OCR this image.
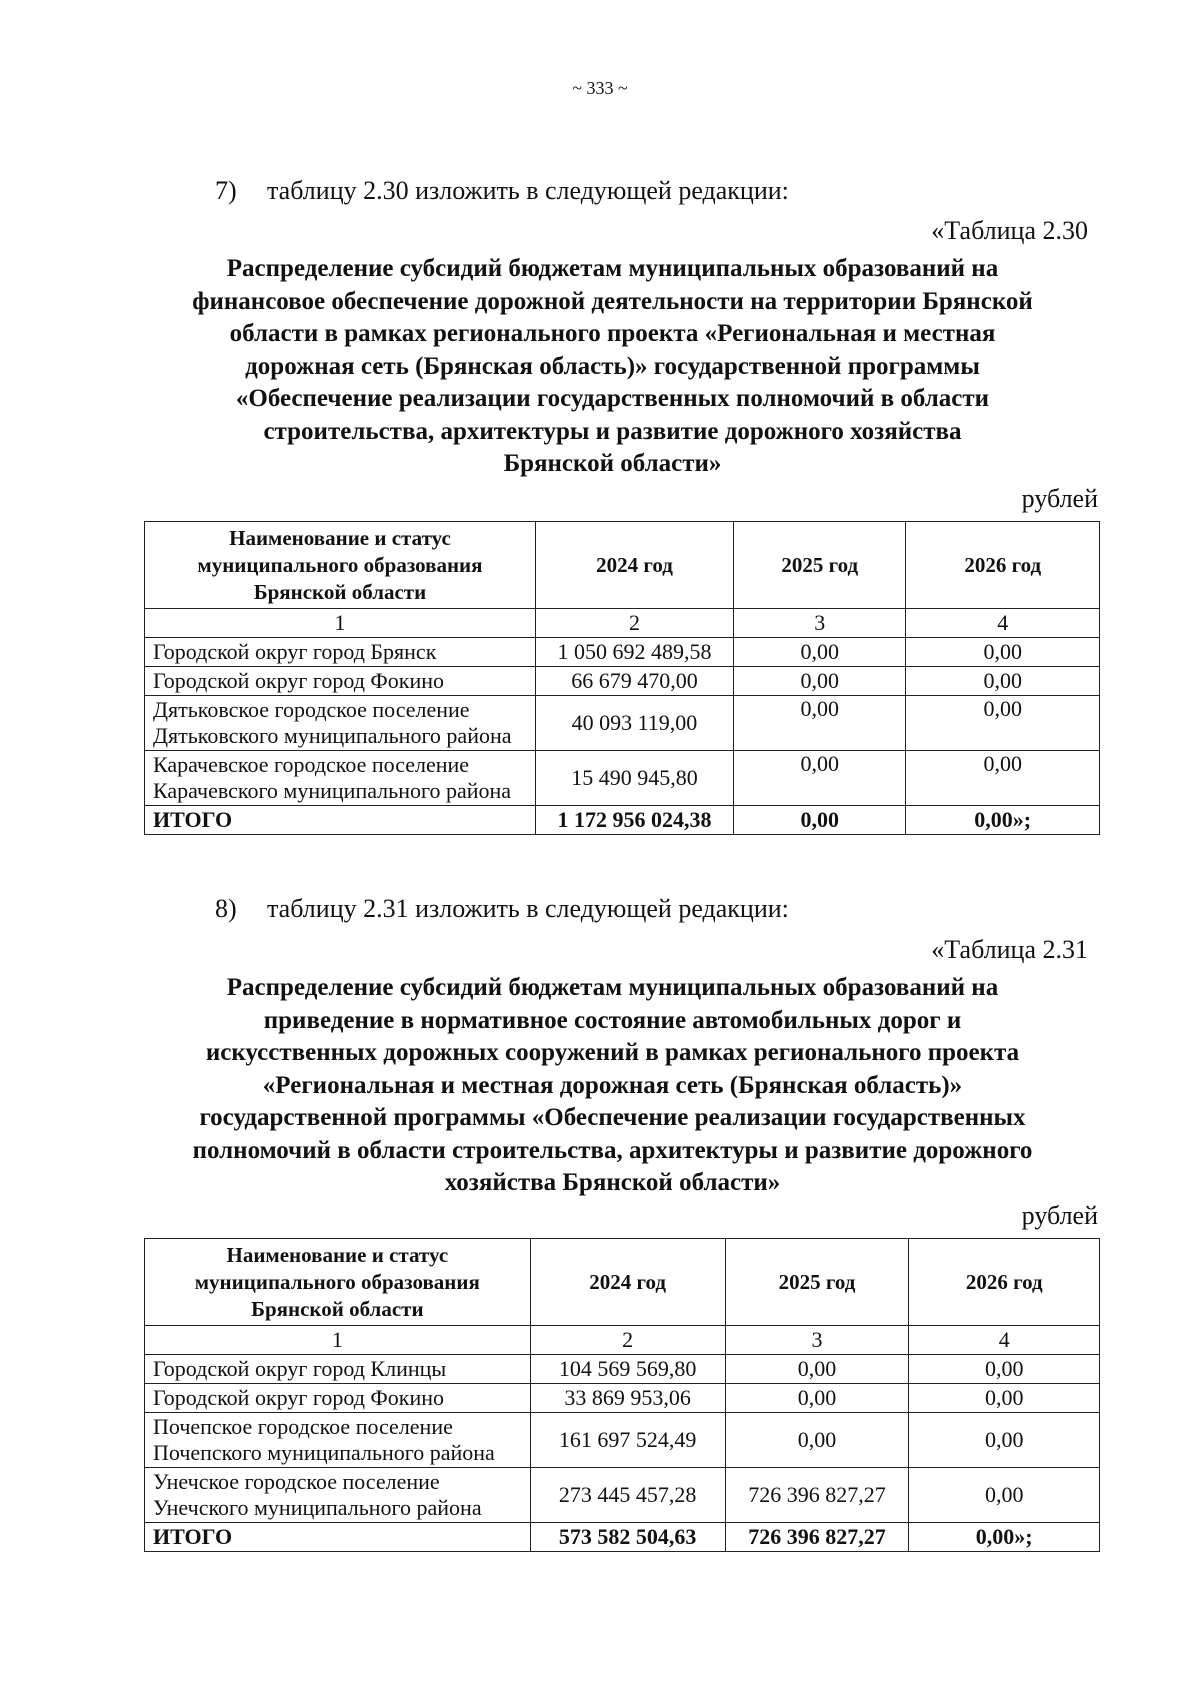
~ 333 ~
7) таблицу 2.30 изложить в следующей редакции:
«Таблица 2.30
Распределение субсидий бюджетам муниципальных образований на
финансовое обеспечение дорожной деятельности на территории Брянской
области в рамках регионального проекта «Региональная и местная
дорожная сеть (Брянская область)» государственной программы
«Обеспечение реализации государственных полномочий в области
строительства, архитектуры и развитие дорожного хозяйства
Брянской области»
рублей
Наименование и статус муниципального образования Брянской области	2024 год	2025 год	2026 год
1	2	3	4
Городской округ город Брянск	1 050 692 489,58	0,00	0,00
Городской округ город Фокино	66 679 470,00	0,00	0,00
Дятьковское городское поселение Дятьковского муниципального района	40 093 119,00	0,00	0,00
Карачевское городское поселение Карачевского муниципального района	15 490 945,80	0,00	0,00
ИТОГО	1 172 956 024,38	0,00	0,00»;
8) таблицу 2.31 изложить в следующей редакции:
«Таблица 2.31
Распределение субсидий бюджетам муниципальных образований на
приведение в нормативное состояние автомобильных дорог и
искусственных дорожных сооружений в рамках регионального проекта
«Региональная и местная дорожная сеть (Брянская область)»
государственной программы «Обеспечение реализации государственных
полномочий в области строительства, архитектуры и развитие дорожного
хозяйства Брянской области»
рублей
Наименование и статус муниципального образования Брянской области	2024 год	2025 год	2026 год
1	2	3	4
Городской округ город Клинцы	104 569 569,80	0,00	0,00
Городской округ город Фокино	33 869 953,06	0,00	0,00
Почепское городское поселение Почепского муниципального района	161 697 524,49	0,00	0,00
Унечское городское поселение Унечского муниципального района	273 445 457,28	726 396 827,27	0,00
ИТОГО	573 582 504,63	726 396 827,27	0,00»;
